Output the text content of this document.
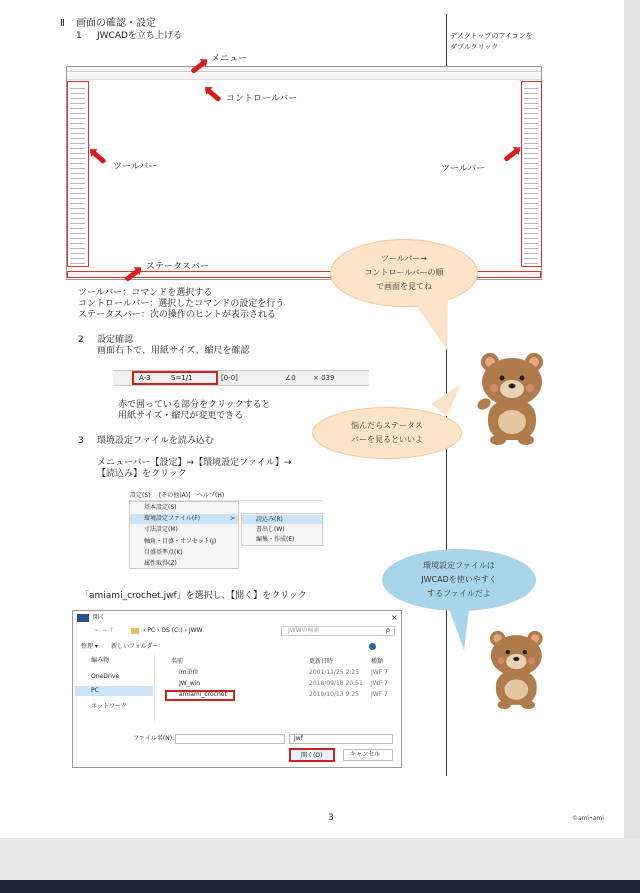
Ⅱ 画面の確認・設定
1 JWCADを立ち上げる	デスクトップのアイコンを
ダブルクリック
メニュー
コントロールバー
ツールバー	ツールバー
ステータスバー
ツールバー：コマンドを選択する
コントロールバー：選択したコマンドの設定を行う
ステータスバー：次の操作のヒントが表示される
2 設定確認
画面右下で、用紙サイズ、縮尺を確認
A-3	S=1/1	[0-0]	∠0 × 039
赤で囲っている部分をクリックすると
用紙サイズ・縮尺が変更できる
3 環境設定ファイルを読み込む
メニューバー【設定】→【環境設定ファイル】→
【読込み】をクリック
設定(S) [その他(A)] ヘルプ(H)
基本設定(S)
環境設定ファイル(F)	>
寸法設定(M)
軸角・目盛・オフセット(J)
目盛基準点(K)
属性取得(Z)
読込み(R)
書出し(W)
編集・作成(E)
「amiami_crochet.jwf」を選択し、【開く】をクリック
開く	×
← → ↑	› PC › OS (C:) › JWW	JWWの検索	ρ
整理 ▾ 新しいフォルダー
編み物
OneDrive
PC
ネットワーク
名前	更新日時	種類
im単位	2001/11/25 2:25 JWF 7
JW_win	2018/09/18 20:51 JWF 7
amiami_crochet	2019/10/13 9:25 JWF 7
ファイル名(N):	Jwf
開く(O)	キャンセル
ツールバー→
コントロールバーの順
で画面を見てね
悩んだらステータス
バーを見るといいよ
環境設定ファイルは
JWCADを使いやすく
するファイルだよ
3	©ami•ami
